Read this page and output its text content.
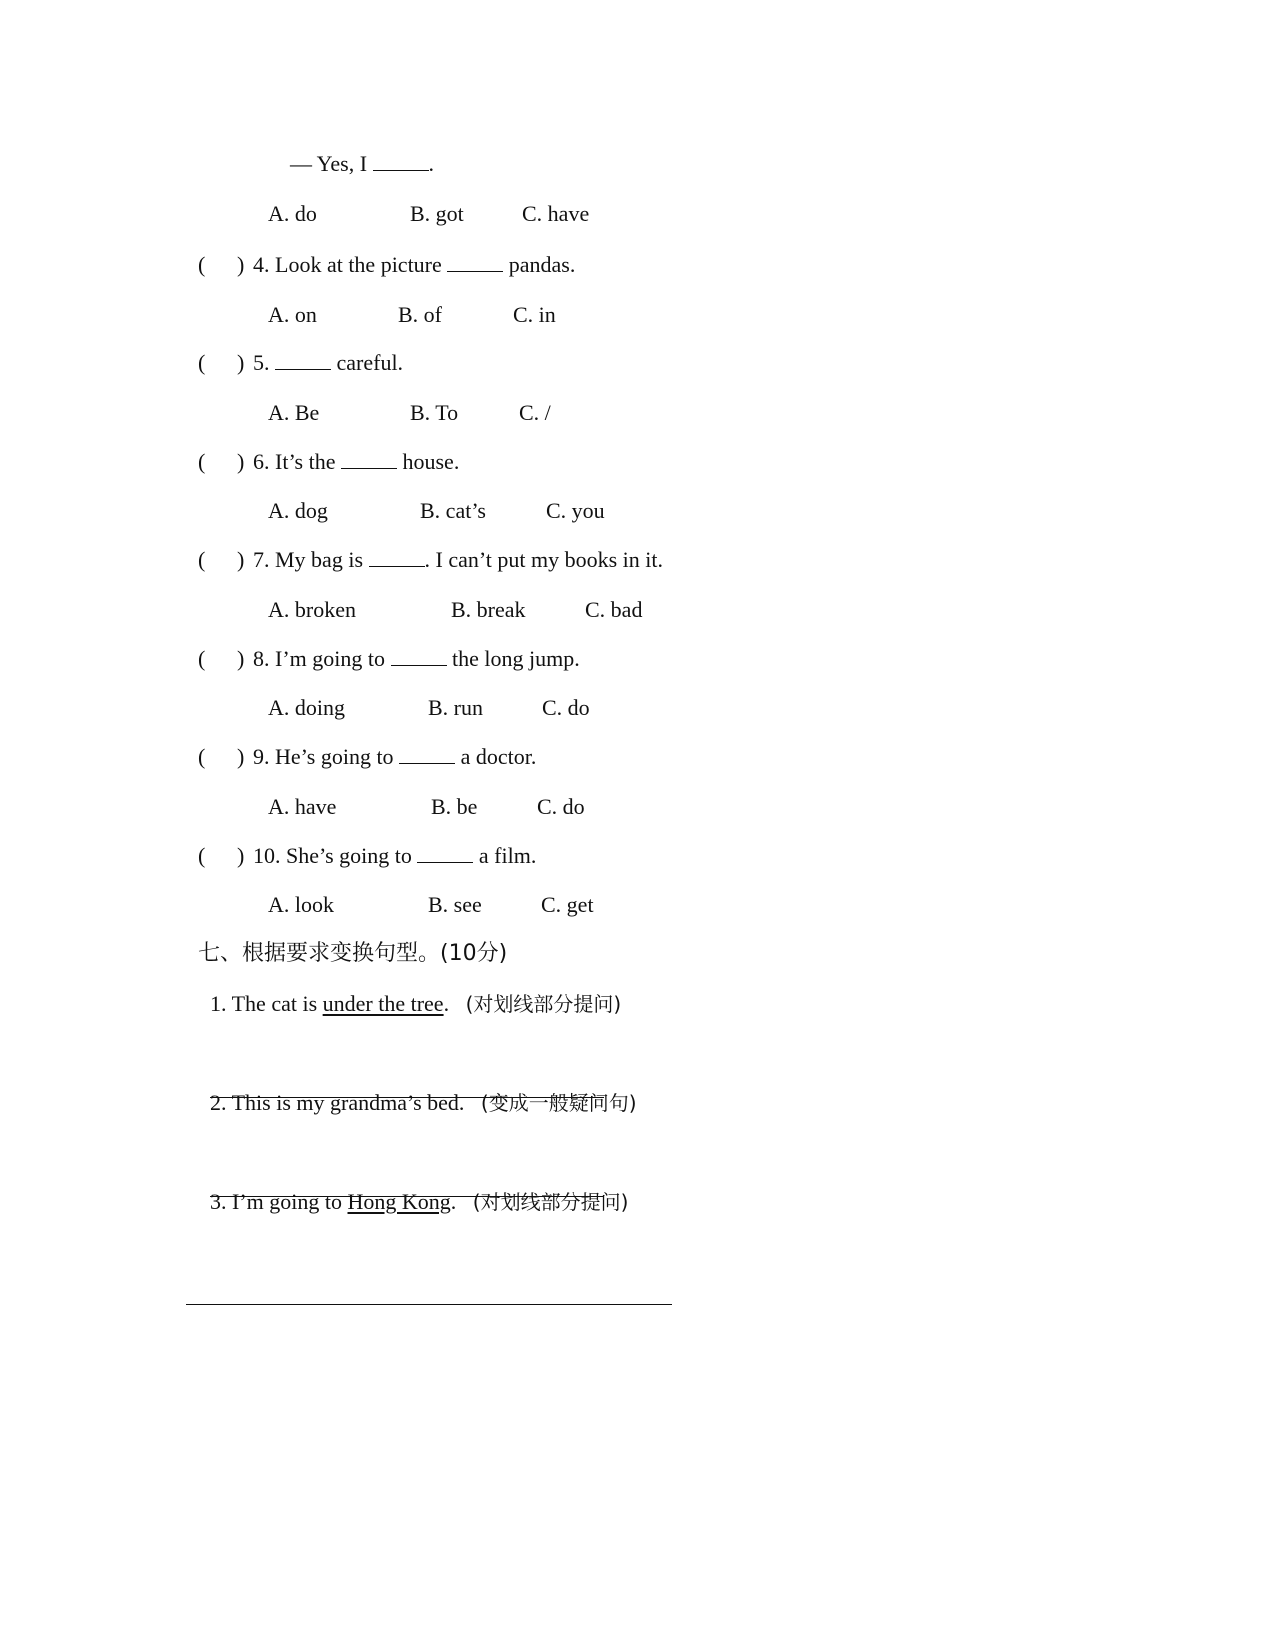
— Yes, I	.
A. do	B. got	C. have
( ) 4. Look at the picture	pandas.
A. on	B. of	C. in
( ) 5.	careful.
A. Be	B. To	C. /
( ) 6. It’s the	house.
A. dog	B. cat’s	C. you
( ) 7. My bag is	. I can’t put my books in it.
A. broken	B. break	C. bad
( ) 8. I’m going to	the long jump.
A. doing	B. run	C. do
( ) 9. He’s going to	a doctor.
A. have	B. be	C. do
( ) 10. She’s going to	a film.
A. look	B. see	C. get
七、根据要求变换句型。(10分)
1. The cat is under the tree. (对划线部分提问)
2. This is my grandma’s bed. (变成一般疑问句)
3. I’m going to Hong Kong. (对划线部分提问)
